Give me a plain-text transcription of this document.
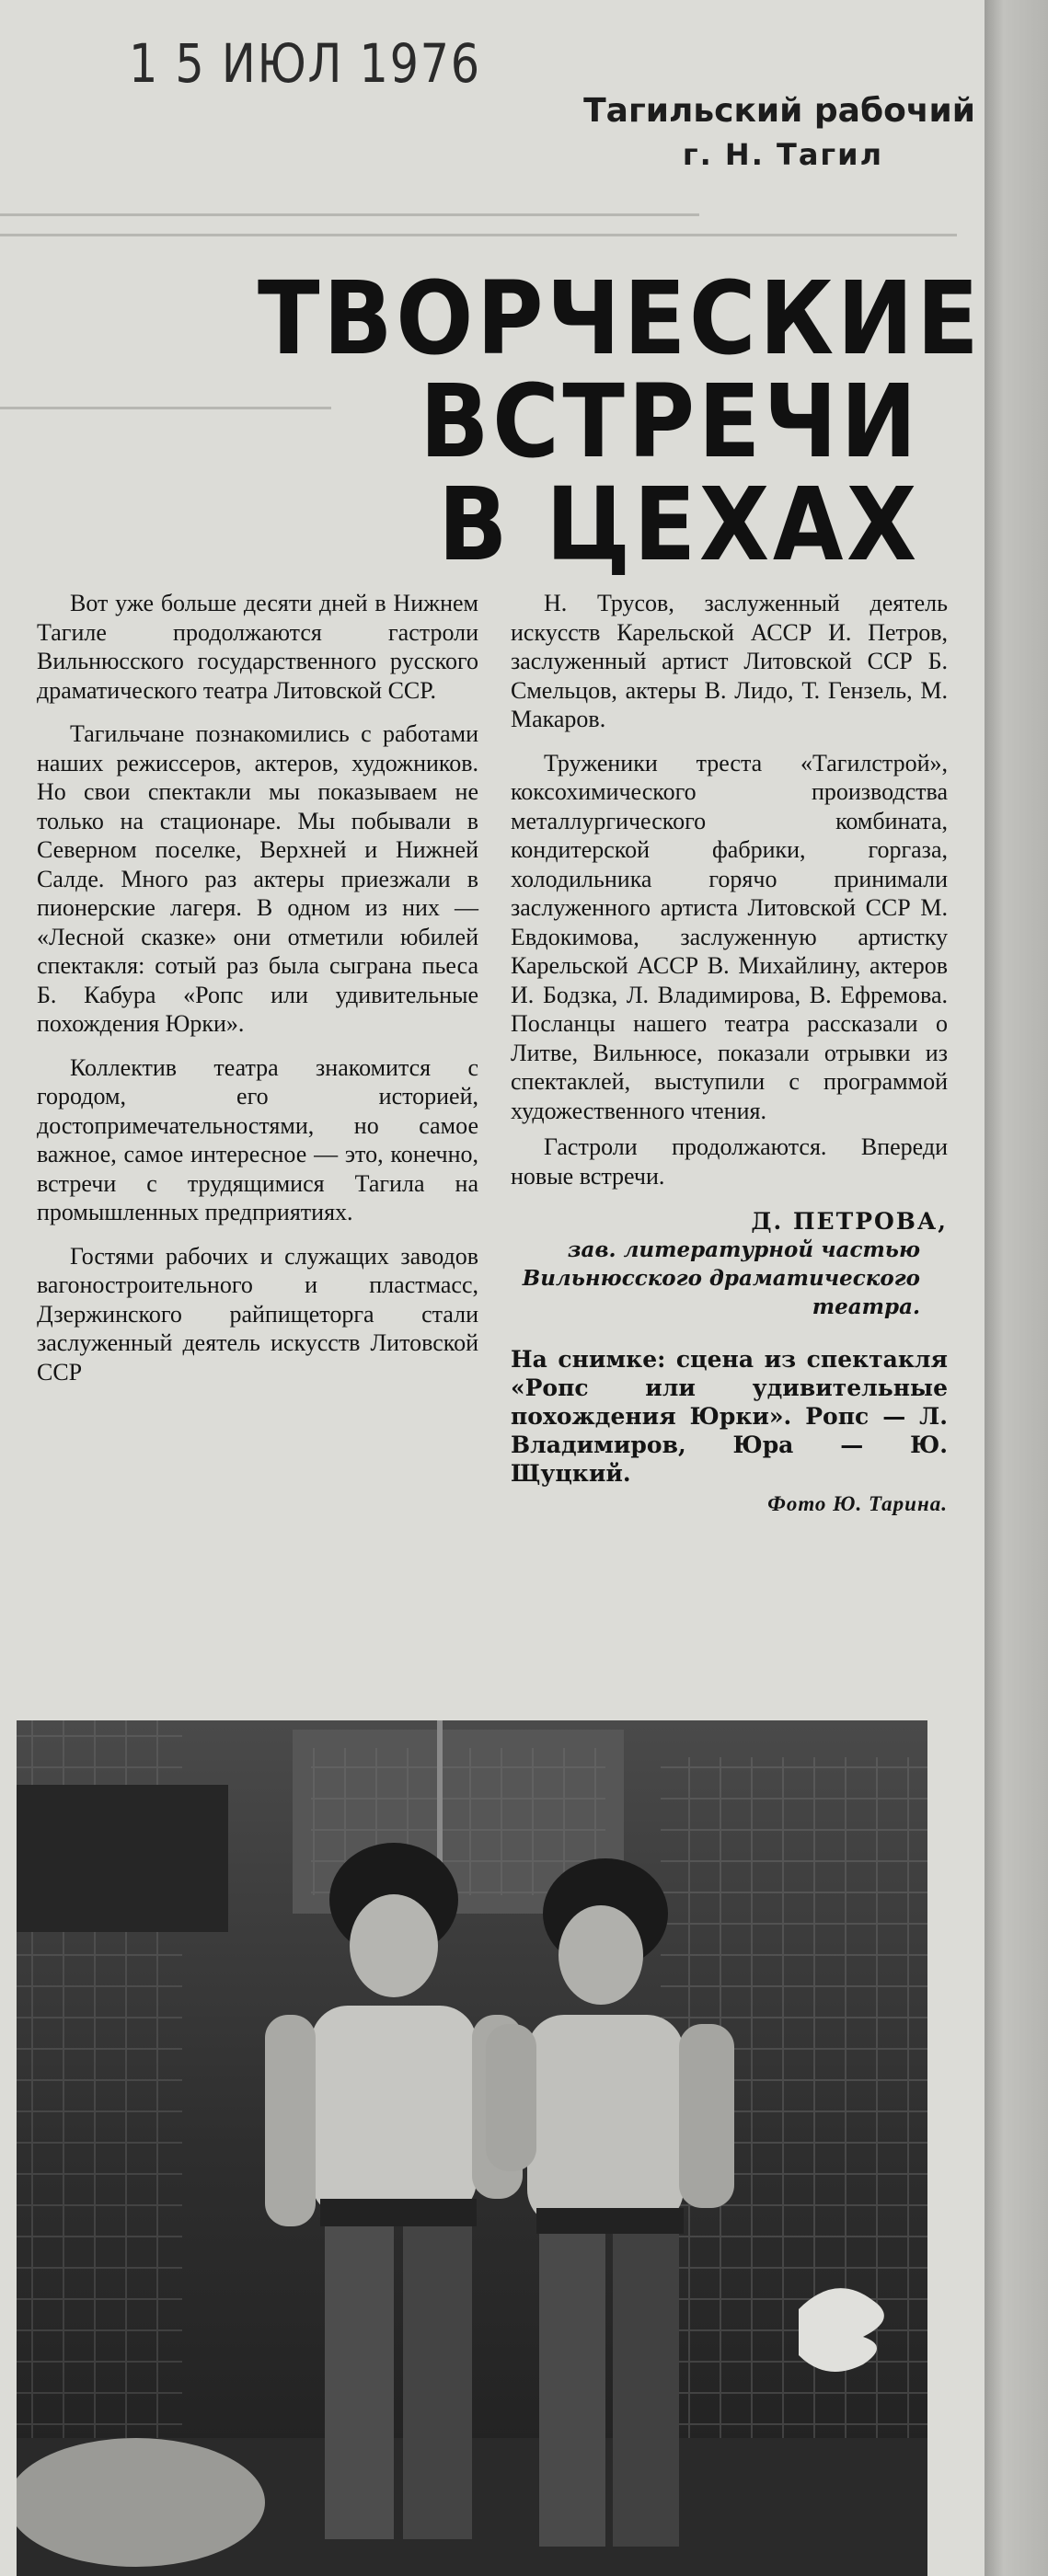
1 5 ИЮЛ 1976
Тагильский рабочий
г. Н. Тагил
ТВОРЧЕСКИЕ
ВСТРЕЧИ
В ЦЕХАХ

Вот уже больше десяти дней в Нижнем Тагиле продолжаются гастроли Вильнюсского государственного русского драматического театра Литовской ССР.

Тагильчане познакомились с работами наших режиссеров, актеров, художников. Но свои спектакли мы показываем не только на стационаре. Мы побывали в Северном поселке, Верхней и Нижней Салде. Много раз актеры приезжали в пионерские лагеря. В одном из них — «Лесной сказке» они отметили юбилей спектакля: сотый раз была сыграна пьеса Б. Кабура «Ропс или удивительные похождения Юрки».

Коллектив театра знакомится с городом, его историей, достопримечательностями, но самое важное, самое интересное — это, конечно, встречи с трудящимися Тагила на промышленных предприятиях.

Гостями рабочих и служащих заводов вагоностроительного и пластмасс, Дзержинского райпищеторга стали заслуженный деятель искусств Литовской ССР

Н. Трусов, заслуженный деятель искусств Карельской АССР И. Петров, заслуженный артист Литовской ССР Б. Смельцов, актеры В. Лидо, Т. Гензель, М. Макаров.

Труженики треста «Тагилстрой», коксохимического производства металлургического комбината, кондитерской фабрики, горгаза, холодильника горячо принимали заслуженного артиста Литовской ССР М. Евдокимова, заслуженную артистку Карельской АССР В. Михайлину, актеров И. Бодзка, Л. Владимирова, В. Ефремова. Посланцы нашего театра рассказали о Литве, Вильнюсе, показали отрывки из спектаклей, выступили с программой художественного чтения.

Гастроли продолжаются. Впереди новые встречи.

Д. ПЕТРОВА,
зав. литературной частью Вильнюсского драматического театра.
На снимке: сцена из спектакля «Ропс или удивительные похождения Юрки». Ропс — Л. Владимиров, Юра — Ю. Щуцкий.
Фото Ю. Тарина.
